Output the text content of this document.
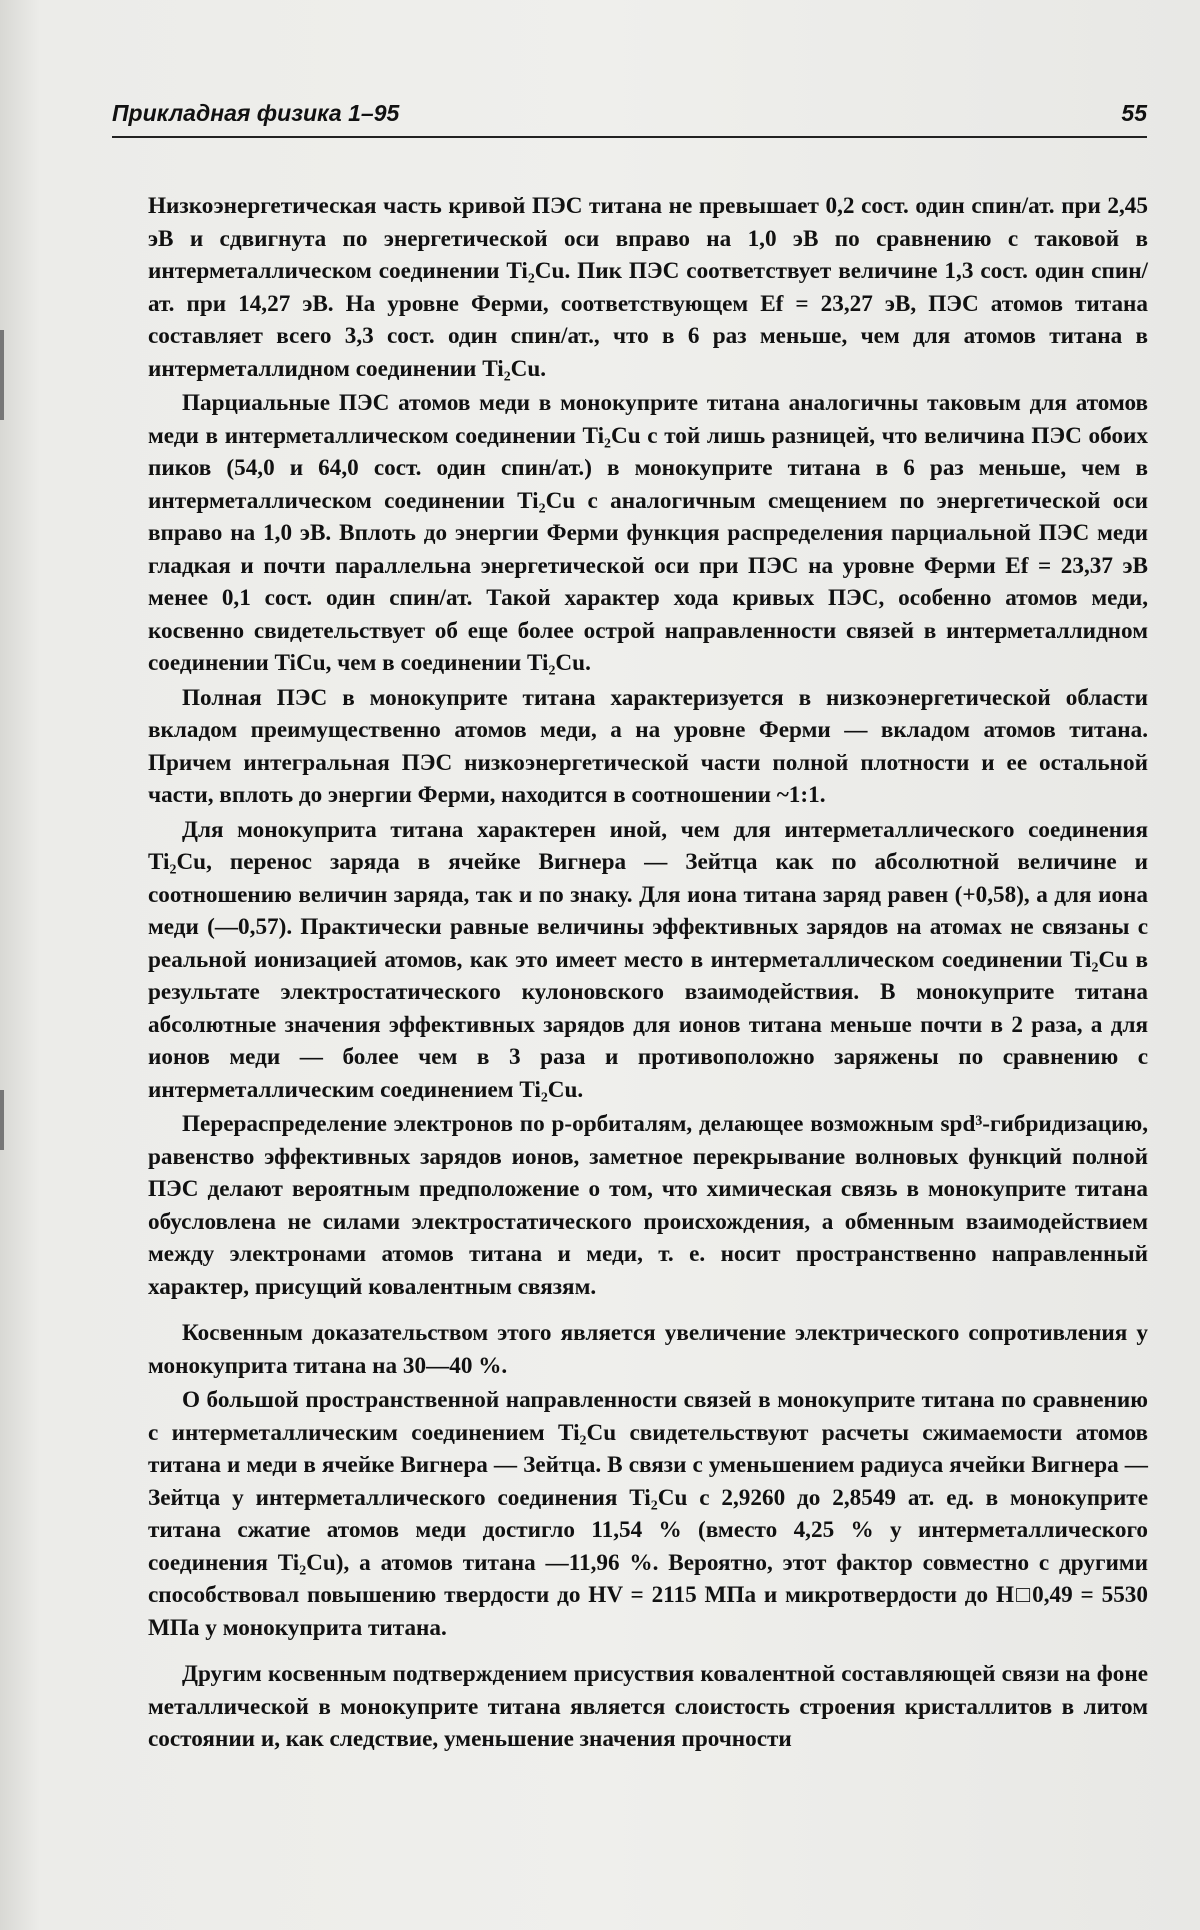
Прикладная физика 1–95	55

Низкоэнергетическая часть кривой ПЭС титана не превышает 0,2 сост. один спин/ат. при 2,45 эВ и сдвигнута по энергетической оси вправо на 1,0 эВ по сравнению с таковой в интерметаллическом соединении Ti₂Cu. Пик ПЭС соответствует величине 1,3 сост. один спин/ат. при 14,27 эВ. На уровне Ферми, соответствующем Ef = 23,27 эВ, ПЭС атомов титана составляет всего 3,3 сост. один спин/ат., что в 6 раз меньше, чем для атомов титана в интерметаллидном соединении Ti₂Cu.

Парциальные ПЭС атомов меди в монокуприте титана аналогичны таковым для атомов меди в интерметаллическом соединении Ti₂Cu с той лишь разницей, что величина ПЭС обоих пиков (54,0 и 64,0 сост. один спин/ат.) в монокуприте титана в 6 раз меньше, чем в интерметаллическом соединении Ti₂Cu с аналогичным смещением по энергетической оси вправо на 1,0 эВ. Вплоть до энергии Ферми функция распределения парциальной ПЭС меди гладкая и почти параллельна энергетической оси при ПЭС на уровне Ферми Ef = 23,37 эВ менее 0,1 сост. один спин/ат. Такой характер хода кривых ПЭС, особенно атомов меди, косвенно свидетельствует об еще более острой направленности связей в интерметаллидном соединении TiCu, чем в соединении Ti₂Cu.

Полная ПЭС в монокуприте титана характеризуется в низкоэнергетической области вкладом преимущественно атомов меди, а на уровне Ферми — вкладом атомов титана. Причем интегральная ПЭС низкоэнергетической части полной плотности и ее остальной части, вплоть до энергии Ферми, находится в соотношении ~1:1.

Для монокуприта титана характерен иной, чем для интерметаллического соединения Ti₂Cu, перенос заряда в ячейке Вигнера — Зейтца как по абсолютной величине и соотношению величин заряда, так и по знаку. Для иона титана заряд равен (+0,58), а для иона меди (—0,57). Практически равные величины эффективных зарядов на атомах не связаны с реальной ионизацией атомов, как это имеет место в интерметаллическом соединении Ti₂Cu в результате электростатического кулоновского взаимодействия. В монокуприте титана абсолютные значения эффективных зарядов для ионов титана меньше почти в 2 раза, а для ионов меди — более чем в 3 раза и противоположно заряжены по сравнению с интерметаллическим соединением Ti₂Cu.

Перераспределение электронов по p-орбиталям, делающее возможным spd³-гибридизацию, равенство эффективных зарядов ионов, заметное перекрывание волновых функций полной ПЭС делают вероятным предположение о том, что химическая связь в монокуприте титана обусловлена не силами электростатического происхождения, а обменным взаимодействием между электронами атомов титана и меди, т. е. носит пространственно направленный характер, присущий ковалентным связям.

Косвенным доказательством этого является увеличение электрического сопротивления у монокуприта титана на 30—40 %.

О большой пространственной направленности связей в монокуприте титана по сравнению с интерметаллическим соединением Ti₂Cu свидетельствуют расчеты сжимаемости атомов титана и меди в ячейке Вигнера — Зейтца. В связи с уменьшением радиуса ячейки Вигнера — Зейтца у интерметаллического соединения Ti₂Cu с 2,9260 до 2,8549 ат. ед. в монокуприте титана сжатие атомов меди достигло 11,54 % (вместо 4,25 % у интерметаллического соединения Ti₂Cu), а атомов титана —11,96 %. Вероятно, этот фактор совместно с другими способствовал повышению твердости до HV = 2115 МПа и микротвердости до H□0,49 = 5530 МПа у монокуприта титана.

Другим косвенным подтверждением присуствия ковалентной составляющей связи на фоне металлической в монокуприте титана является слоистость строения кристаллитов в литом состоянии и, как следствие, уменьшение значения прочности
